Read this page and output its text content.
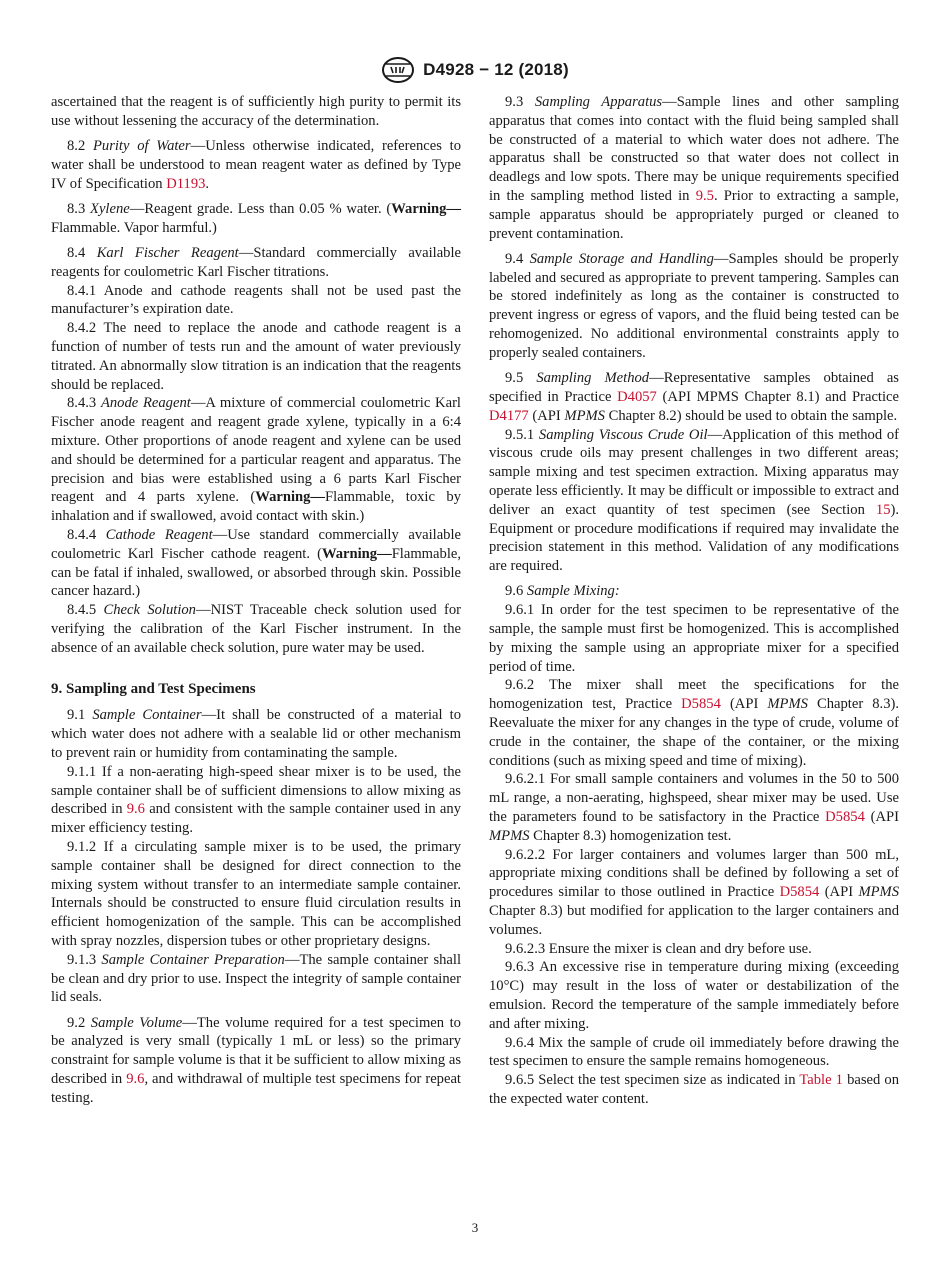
D4928 − 12 (2018)

ascertained that the reagent is of sufficiently high purity to permit its use without lessening the accuracy of the determination.

8.2 Purity of Water—Unless otherwise indicated, references to water shall be understood to mean reagent water as defined by Type IV of Specification D1193.

8.3 Xylene—Reagent grade. Less than 0.05 % water. (Warning—Flammable. Vapor harmful.)

8.4 Karl Fischer Reagent—Standard commercially available reagents for coulometric Karl Fischer titrations.

8.4.1 Anode and cathode reagents shall not be used past the manufacturer’s expiration date.

8.4.2 The need to replace the anode and cathode reagent is a function of number of tests run and the amount of water previously titrated. An abnormally slow titration is an indication that the reagents should be replaced.

8.4.3 Anode Reagent—A mixture of commercial coulometric Karl Fischer anode reagent and reagent grade xylene, typically in a 6:4 mixture. Other proportions of anode reagent and xylene can be used and should be determined for a particular reagent and apparatus. The precision and bias were established using a 6 parts Karl Fischer reagent and 4 parts xylene. (Warning—Flammable, toxic by inhalation and if swallowed, avoid contact with skin.)

8.4.4 Cathode Reagent—Use standard commercially available coulometric Karl Fischer cathode reagent. (Warning—Flammable, can be fatal if inhaled, swallowed, or absorbed through skin. Possible cancer hazard.)

8.4.5 Check Solution—NIST Traceable check solution used for verifying the calibration of the Karl Fischer instrument. In the absence of an available check solution, pure water may be used.

9. Sampling and Test Specimens

9.1 Sample Container—It shall be constructed of a material to which water does not adhere with a sealable lid or other mechanism to prevent rain or humidity from contaminating the sample.

9.1.1 If a non-aerating high-speed shear mixer is to be used, the sample container shall be of sufficient dimensions to allow mixing as described in 9.6 and consistent with the sample container used in any mixer efficiency testing.

9.1.2 If a circulating sample mixer is to be used, the primary sample container shall be designed for direct connection to the mixing system without transfer to an intermediate sample container. Internals should be constructed to ensure fluid circulation results in efficient homogenization of the sample. This can be accomplished with spray nozzles, dispersion tubes or other proprietary designs.

9.1.3 Sample Container Preparation—The sample container shall be clean and dry prior to use. Inspect the integrity of sample container lid seals.

9.2 Sample Volume—The volume required for a test specimen to be analyzed is very small (typically 1 mL or less) so the primary constraint for sample volume is that it be sufficient to allow mixing as described in 9.6, and withdrawal of multiple test specimens for repeat testing.

9.3 Sampling Apparatus—Sample lines and other sampling apparatus that comes into contact with the fluid being sampled shall be constructed of a material to which water does not adhere. The apparatus shall be constructed so that water does not collect in deadlegs and low spots. There may be unique requirements specified in the sampling method listed in 9.5. Prior to extracting a sample, sample apparatus should be appropriately purged or cleaned to prevent contamination.

9.4 Sample Storage and Handling—Samples should be properly labeled and secured as appropriate to prevent tampering. Samples can be stored indefinitely as long as the container is constructed to prevent ingress or egress of vapors, and the fluid being tested can be rehomogenized. No additional environmental constraints apply to properly sealed containers.

9.5 Sampling Method—Representative samples obtained as specified in Practice D4057 (API MPMS Chapter 8.1) and Practice D4177 (API MPMS Chapter 8.2) should be used to obtain the sample.

9.5.1 Sampling Viscous Crude Oil—Application of this method of viscous crude oils may present challenges in two different areas; sample mixing and test specimen extraction. Mixing apparatus may operate less efficiently. It may be difficult or impossible to extract and deliver an exact quantity of test specimen (see Section 15). Equipment or procedure modifications if required may invalidate the precision statement in this method. Validation of any modifications are required.

9.6 Sample Mixing:

9.6.1 In order for the test specimen to be representative of the sample, the sample must first be homogenized. This is accomplished by mixing the sample using an appropriate mixer for a specified period of time.

9.6.2 The mixer shall meet the specifications for the homogenization test, Practice D5854 (API MPMS Chapter 8.3). Reevaluate the mixer for any changes in the type of crude, volume of crude in the container, the shape of the container, or the mixing conditions (such as mixing speed and time of mixing).

9.6.2.1 For small sample containers and volumes in the 50 to 500 mL range, a non-aerating, highspeed, shear mixer may be used. Use the parameters found to be satisfactory in the Practice D5854 (API MPMS Chapter 8.3) homogenization test.

9.6.2.2 For larger containers and volumes larger than 500 mL, appropriate mixing conditions shall be defined by following a set of procedures similar to those outlined in Practice D5854 (API MPMS Chapter 8.3) but modified for application to the larger containers and volumes.

9.6.2.3 Ensure the mixer is clean and dry before use.

9.6.3 An excessive rise in temperature during mixing (exceeding 10°C) may result in the loss of water or destabilization of the emulsion. Record the temperature of the sample immediately before and after mixing.

9.6.4 Mix the sample of crude oil immediately before drawing the test specimen to ensure the sample remains homogeneous.

9.6.5 Select the test specimen size as indicated in Table 1 based on the expected water content.

3
